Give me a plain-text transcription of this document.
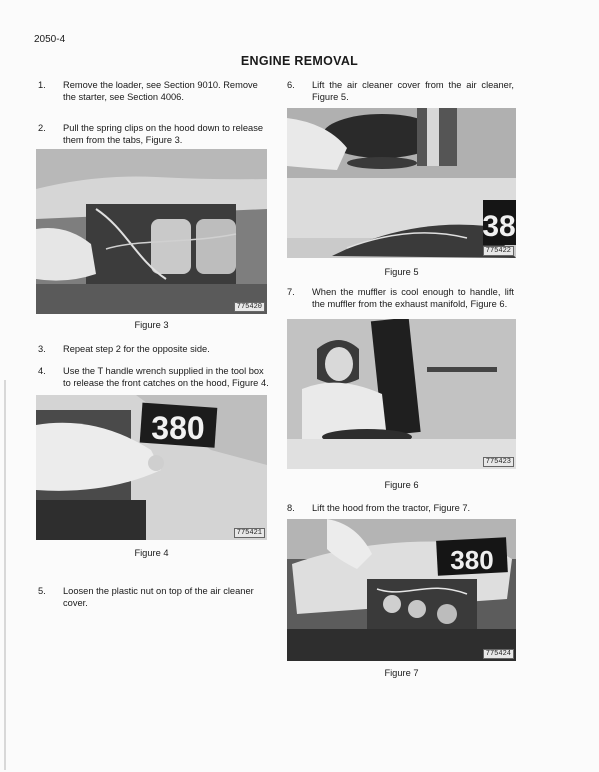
2050-4
ENGINE REMOVAL
1. Remove the loader, see Section 9010. Remove the starter, see Section 4006.
2. Pull the spring clips on the hood down to release them from the tabs, Figure 3.
775420
Figure 3
3. Repeat step 2 for the opposite side.
4. Use the T handle wrench supplied in the tool box to release the front catches on the hood, Figure 4.
380
775421
Figure 4
5. Loosen the plastic nut on top of the air cleaner cover.
6. Lift the air cleaner cover from the air cleaner, Figure 5.
38
775422
Figure 5
7. When the muffler is cool enough to handle, lift the muffler from the exhaust manifold, Figure 6.
775423
Figure 6
8. Lift the hood from the tractor, Figure 7.
380
775424
Figure 7
